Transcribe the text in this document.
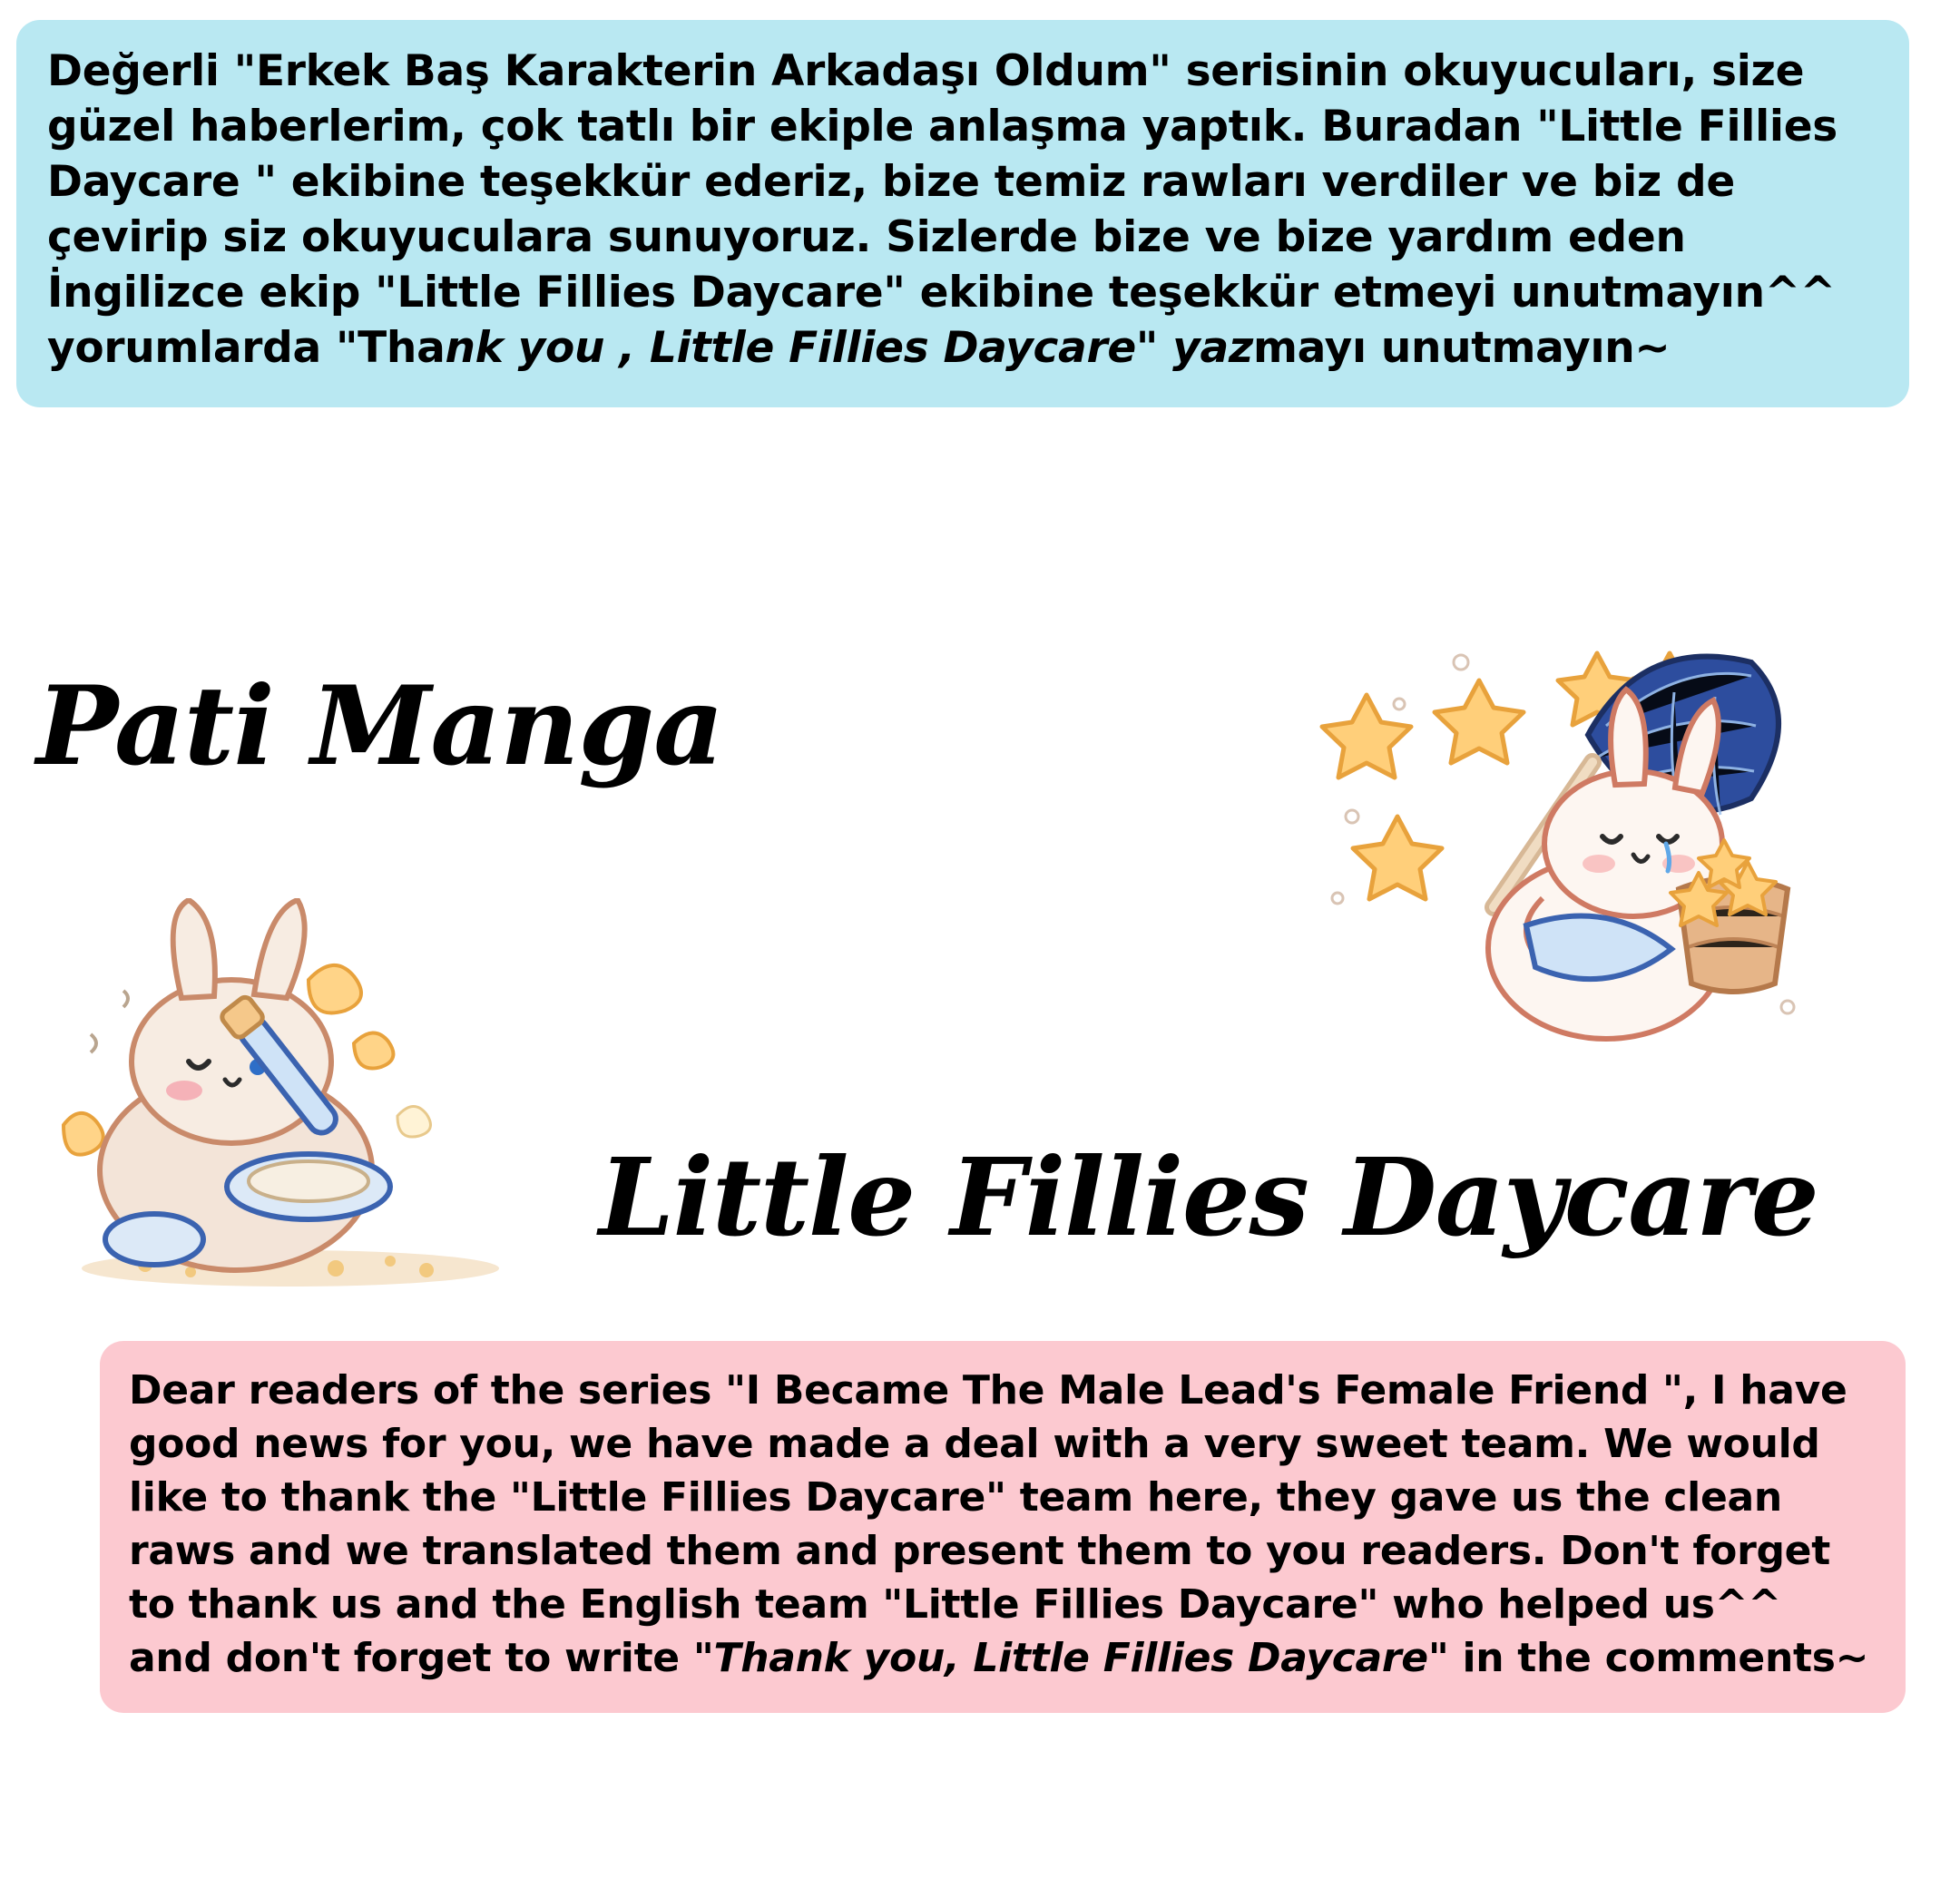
Değerli "Erkek Baş Karakterin Arkadaşı Oldum" serisinin okuyucuları, size güzel haberlerim, çok tatlı bir ekiple anlaşma yaptık. Buradan "Little Fillies Daycare " ekibine teşekkür ederiz, bize temiz rawları verdiler ve biz de çevirip siz okuyuculara sunuyoruz. Sizlerde bize ve bize yardım eden İngilizce ekip "Little Fillies Daycare" ekibine teşekkür etmeyi unutmayın^^ yorumlarda "Thank you , Little Fillies Daycare" yazmayı unutmayın~

Pati Manga
Little Fillies Daycare

Dear readers of the series "I Became The Male Lead's Female Friend ", I have good news for you, we have made a deal with a very sweet team. We would like to thank the "Little Fillies Daycare" team here, they gave us the clean raws and we translated them and present them to you readers. Don't forget to thank us and the English team "Little Fillies Daycare" who helped us^^ and don't forget to write "Thank you, Little Fillies Daycare" in the comments~
